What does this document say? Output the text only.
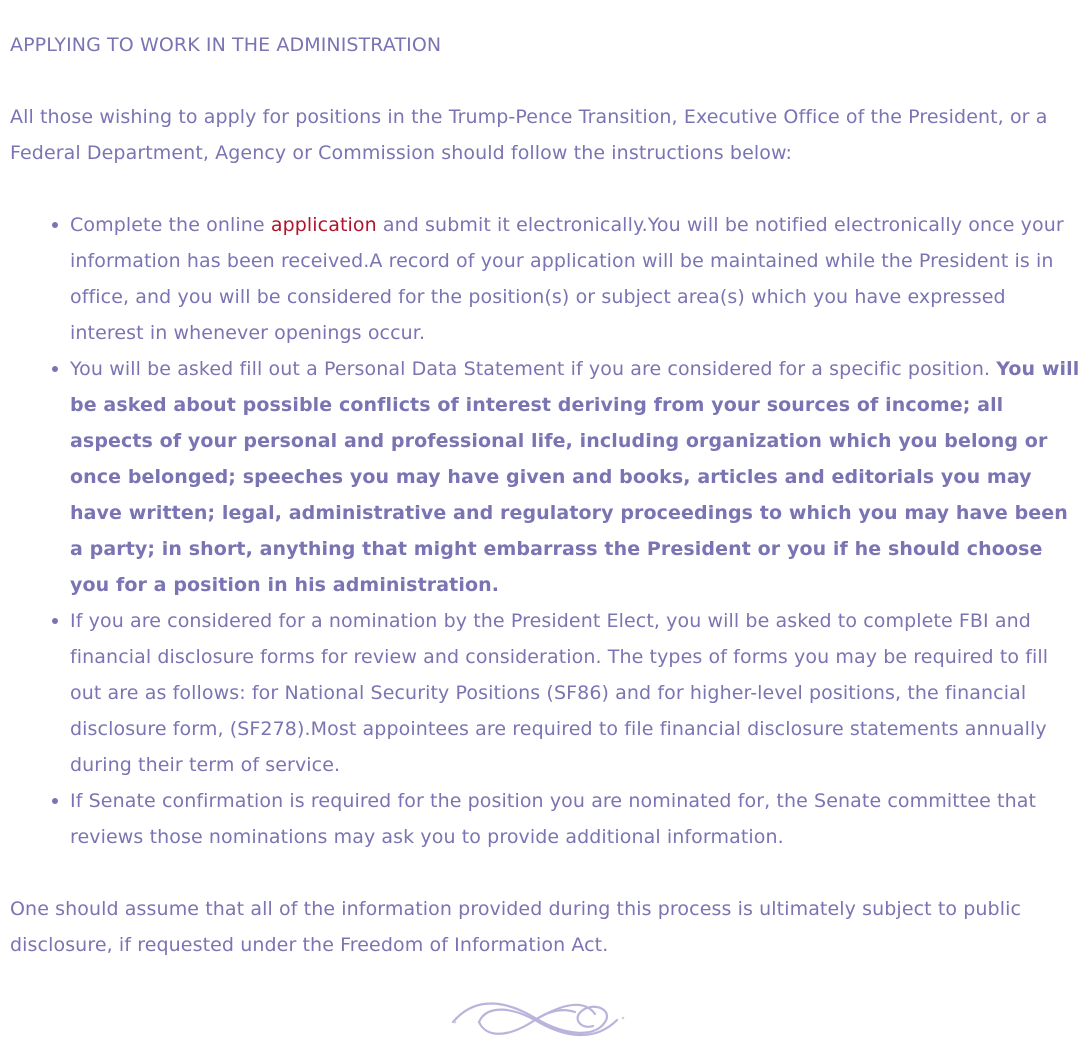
APPLYING TO WORK IN THE ADMINISTRATION

All those wishing to apply for positions in the Trump-Pence Transition, Executive Office of the President, or a Federal Department, Agency or Commission should follow the instructions below:

Complete the online application and submit it electronically.You will be notified electronically once your information has been received.A record of your application will be maintained while the President is in office, and you will be considered for the position(s) or subject area(s) which you have expressed interest in whenever openings occur.
You will be asked fill out a Personal Data Statement if you are considered for a specific position. You will be asked about possible conflicts of interest deriving from your sources of income; all aspects of your personal and professional life, including organization which you belong or once belonged; speeches you may have given and books, articles and editorials you may have written; legal, administrative and regulatory proceedings to which you may have been a party; in short, anything that might embarrass the President or you if he should choose you for a position in his administration.
If you are considered for a nomination by the President Elect, you will be asked to complete FBI and financial disclosure forms for review and consideration. The types of forms you may be required to fill out are as follows: for National Security Positions (SF86) and for higher-level positions, the financial disclosure form, (SF278).Most appointees are required to file financial disclosure statements annually during their term of service.
If Senate confirmation is required for the position you are nominated for, the Senate committee that reviews those nominations may ask you to provide additional information.

One should assume that all of the information provided during this process is ultimately subject to public disclosure, if requested under the Freedom of Information Act.
